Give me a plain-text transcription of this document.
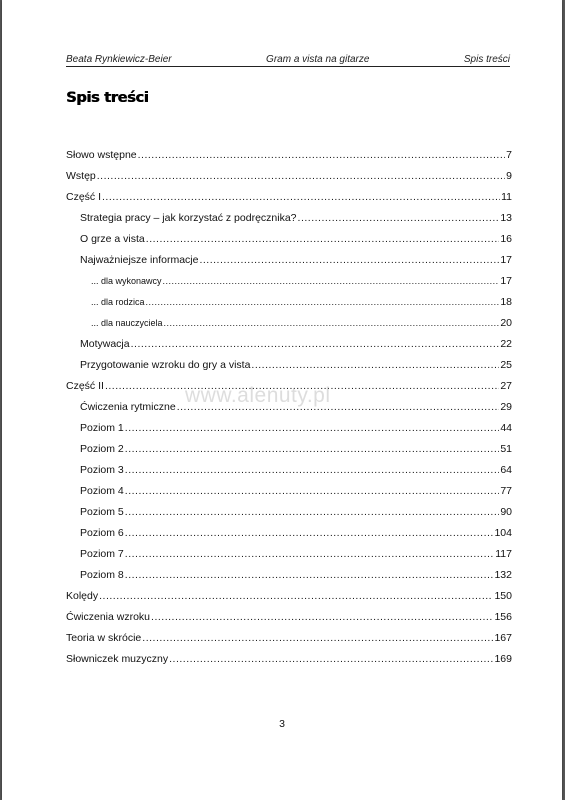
Beata Rynkiewicz-Beier	Gram a vista na gitarze	Spis treści
Spis treści
Słowo wstępne .....	7
Wstęp .....	9
Część I .....	11
Strategia pracy – jak korzystać z podręcznika? .....	13
O grze a vista .....	16
Najważniejsze informacje .....	17
... dla wykonawcy .....	17
... dla rodzica .....	18
... dla nauczyciela .....	20
Motywacja .....	22
Przygotowanie wzroku do gry a vista .....	25
Część II .....	27
Ćwiczenia rytmiczne .....	29
Poziom 1 .....	44
Poziom 2 .....	51
Poziom 3 .....	64
Poziom 4 .....	77
Poziom 5 .....	90
Poziom 6 .....	104
Poziom 7 .....	117
Poziom 8 .....	132
Kolędy .....	150
Ćwiczenia wzroku .....	156
Teoria w skrócie .....	167
Słowniczek muzyczny .....	169
www.alenuty.pl
3
